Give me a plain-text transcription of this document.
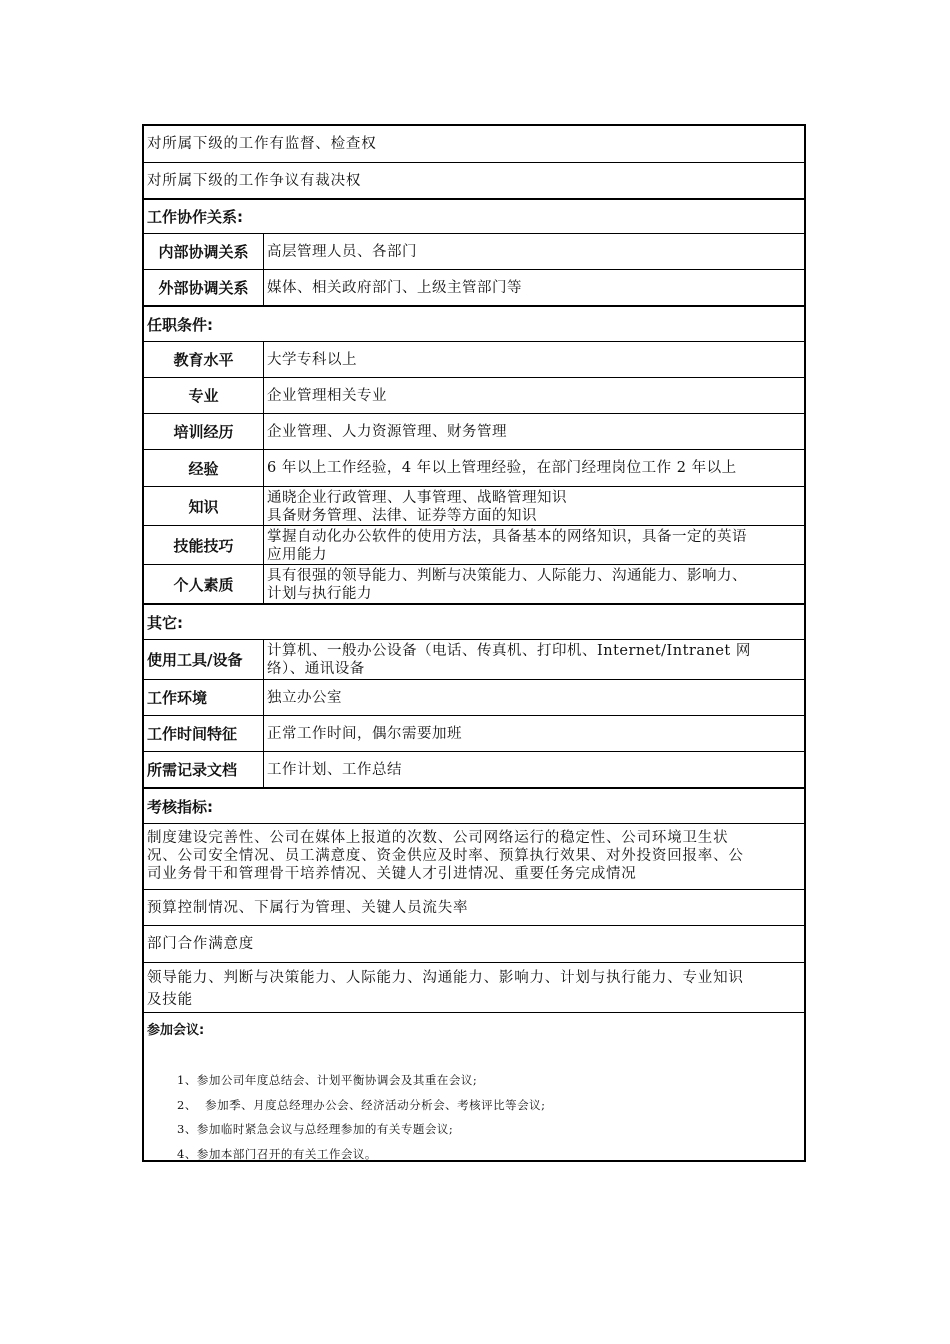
对所属下级的工作有监督、检查权
对所属下级的工作争议有裁决权
工作协作关系:
内部协调关系	高层管理人员、各部门
外部协调关系	媒体、相关政府部门、上级主管部门等
任职条件:
教育水平	大学专科以上
专业	企业管理相关专业
培训经历	企业管理、人力资源管理、财务管理
经验	6 年以上工作经验，4 年以上管理经验，在部门经理岗位工作 2 年以上
知识	通晓企业行政管理、人事管理、战略管理知识
具备财务管理、法律、证券等方面的知识
技能技巧	掌握自动化办公软件的使用方法，具备基本的网络知识，具备一定的英语
应用能力
个人素质	具有很强的领导能力、判断与决策能力、人际能力、沟通能力、影响力、
计划与执行能力
其它:
使用工具/设备	计算机、一般办公设备（电话、传真机、打印机、Internet/Intranet 网
络）、通讯设备
工作环境	独立办公室
工作时间特征	正常工作时间，偶尔需要加班
所需记录文档	工作计划、工作总结
考核指标:
制度建设完善性、公司在媒体上报道的次数、公司网络运行的稳定性、公司环境卫生状
况、公司安全情况、员工满意度、资金供应及时率、预算执行效果、对外投资回报率、公
司业务骨干和管理骨干培养情况、关键人才引进情况、重要任务完成情况
预算控制情况、下属行为管理、关键人员流失率
部门合作满意度
领导能力、判断与决策能力、人际能力、沟通能力、影响力、计划与执行能力、专业知识
及技能
参加会议:
1、参加公司年度总结会、计划平衡协调会及其重在会议;
2、  参加季、月度总经理办公会、经济活动分析会、考核评比等会议;
3、参加临时紧急会议与总经理参加的有关专题会议;
4、参加本部门召开的有关工作会议。
